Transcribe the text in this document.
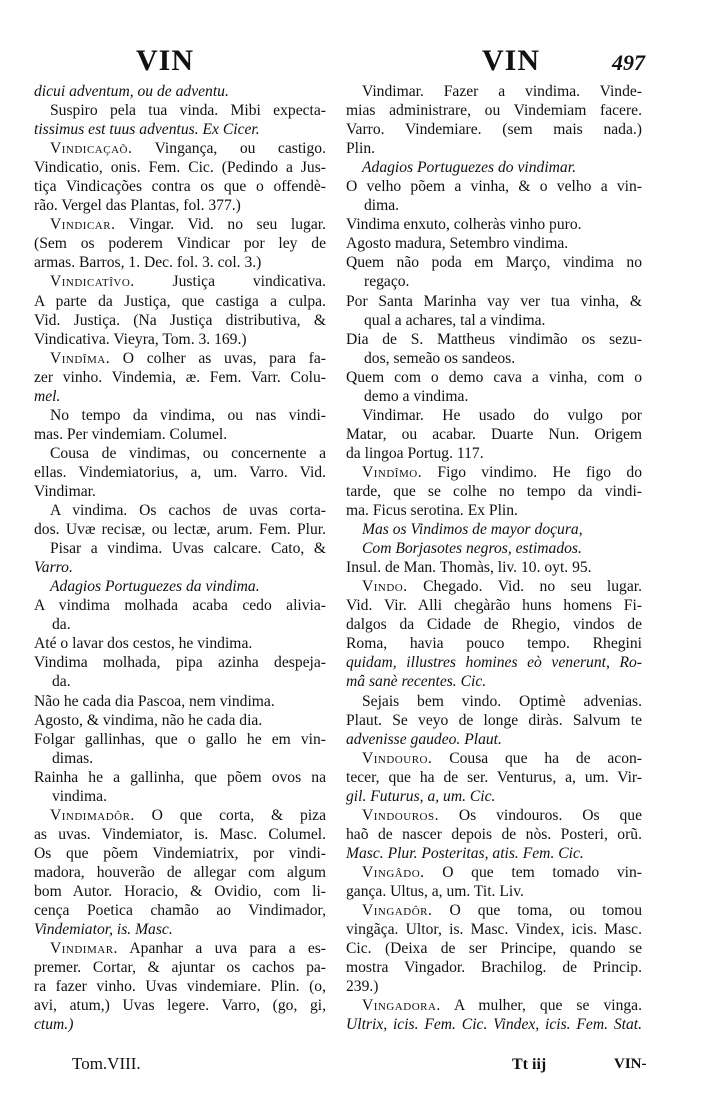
VIN	VIN	497
dicui adventum, ou de adventu.
Suspiro pela tua vinda. Mibi expecta-
tissimus est tuus adventus. Ex Cicer.
Vindicaçaõ. Vingança, ou castigo.
Vindicatio, onis. Fem. Cic. (Pedindo a Jus-
tiça Vindicações contra os que o offendè-
rão. Vergel das Plantas, fol. 377.)
Vindicar. Vingar. Vid. no seu lugar.
(Sem os poderem Vindicar por ley de
armas. Barros, 1. Dec. fol. 3. col. 3.)
Vindicatîvo. Justiça vindicativa.
A parte da Justiça, que castiga a culpa.
Vid. Justiça. (Na Justiça distributiva, &
Vindicativa. Vieyra, Tom. 3. 169.)
Vindîma. O colher as uvas, para fa-
zer vinho. Vindemia, æ. Fem. Varr. Colu-
mel.
No tempo da vindima, ou nas vindi-
mas. Per vindemiam. Columel.
Cousa de vindimas, ou concernente a
ellas. Vindemiatorius, a, um. Varro. Vid.
Vindimar.
A vindima. Os cachos de uvas corta-
dos. Uvæ recisæ, ou lectæ, arum. Fem. Plur.
Pisar a vindima. Uvas calcare. Cato, &
Varro.
Adagios Portuguezes da vindima.
A vindima molhada acaba cedo alivia-
da.
Até o lavar dos cestos, he vindima.
Vindima molhada, pipa azinha despeja-
da.
Não he cada dia Pascoa, nem vindima.
Agosto, & vindima, não he cada dia.
Folgar gallinhas, que o gallo he em vin-
dimas.
Rainha he a gallinha, que põem ovos na
vindima.
Vindimadôr. O que corta, & piza
as uvas. Vindemiator, is. Masc. Columel.
Os que põem Vindemiatrix, por vindi-
madora, houverão de allegar com algum
bom Autor. Horacio, & Ovidio, com li-
cença Poetica chamão ao Vindimador,
Vindemiator, is. Masc.
Vindimar. Apanhar a uva para a es-
premer. Cortar, & ajuntar os cachos pa-
ra fazer vinho. Uvas vindemiare. Plin. (o,
avi, atum,) Uvas legere. Varro, (go, gi,
ctum.)
Vindimar. Fazer a vindima. Vinde-
mias administrare, ou Vindemiam facere.
Varro. Vindemiare. (sem mais nada.)
Plin.
Adagios Portuguezes do vindimar.
O velho põem a vinha, & o velho a vin-
dima.
Vindima enxuto, colheràs vinho puro.
Agosto madura, Setembro vindima.
Quem não poda em Março, vindima no
regaço.
Por Santa Marinha vay ver tua vinha, &
qual a achares, tal a vindima.
Dia de S. Mattheus vindimão os sezu-
dos, semeão os sandeos.
Quem com o demo cava a vinha, com o
demo a vindima.
Vindimar. He usado do vulgo por
Matar, ou acabar. Duarte Nun. Origem
da lingoa Portug. 117.
Vindîmo. Figo vindimo. He figo do
tarde, que se colhe no tempo da vindi-
ma. Ficus serotina. Ex Plin.
Mas os Vindimos de mayor doçura,
Com Borjasotes negros, estimados.
Insul. de Man. Thomàs, liv. 10. oyt. 95.
Vindo. Chegado. Vid. no seu lugar.
Vid. Vir. Alli chegàrão huns homens Fi-
dalgos da Cidade de Rhegio, vindos de
Roma, havia pouco tempo. Rhegini
quidam, illustres homines eò venerunt, Ro-
mâ sanè recentes. Cic.
Sejais bem vindo. Optimè advenias.
Plaut. Se veyo de longe diràs. Salvum te
advenisse gaudeo. Plaut.
Vindouro. Cousa que ha de acon-
tecer, que ha de ser. Venturus, a, um. Vir-
gil. Futurus, a, um. Cic.
Vindouros. Os vindouros. Os que
haõ de nascer depois de nòs. Posteri, orũ.
Masc. Plur. Posteritas, atis. Fem. Cic.
Vingâdo. O que tem tomado vin-
gança. Ultus, a, um. Tit. Liv.
Vingadôr. O que toma, ou tomou
vingãça. Ultor, is. Masc. Vindex, icis. Masc.
Cic. (Deixa de ser Principe, quando se
mostra Vingador. Brachilog. de Princip.
239.)
Vingadora. A mulher, que se vinga.
Ultrix, icis. Fem. Cic. Vindex, icis. Fem. Stat.
Tom.VIII.	Tt iij	VIN-
